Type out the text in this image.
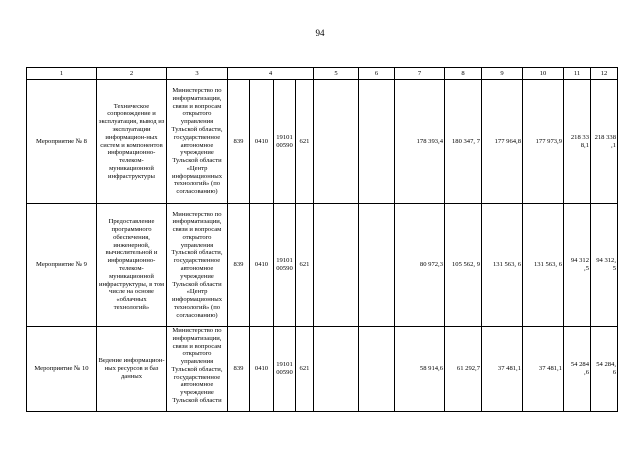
94
1	2	3	4				5	6	7	8	9	10	11	12
Мероприятие № 8	Техническое сопровождение и эксплуатация, вывод из эксплуатации информацион-ных систем и компонентов информационно-телеком-муникационной инфраструктуры	Министерство по информатизации, связи и вопросам открытого управления Тульской области, государственное автономное учреждение Тульской области «Центр информационных технологий» (по согласованию)	839	0410	19101 00590	621			178 393,4	180 347, 7	177 964,8	177 973,9	218 33 8,1	218 338 ,1
Мероприятие № 9	Предоставление программного обеспечения, инженерной, вычислительной и информационно-телеком-муникационной инфраструктуры, в том числе на основе «облачных технологий»	Министерство по информатизации, связи и вопросам открытого управления Тульской области, государственное автономное учреждение Тульской области «Центр информационных технологий» (по согласованию)	839	0410	19101 00590	621			80 972,3	105 562, 9	131 563, 6	131 563, 6	94 312 ,5	94 312, 5
Мероприятие № 10	Ведение информацион-ных ресурсов и баз данных	Министерство по информатизации, связи и вопросам открытого управления Тульской области, государственное автономное учреждение Тульской области	839	0410	19101 00590	621			58 914,6	61 292,7	37 481,1	37 481,1	54 284 ,6	54 284, 6
